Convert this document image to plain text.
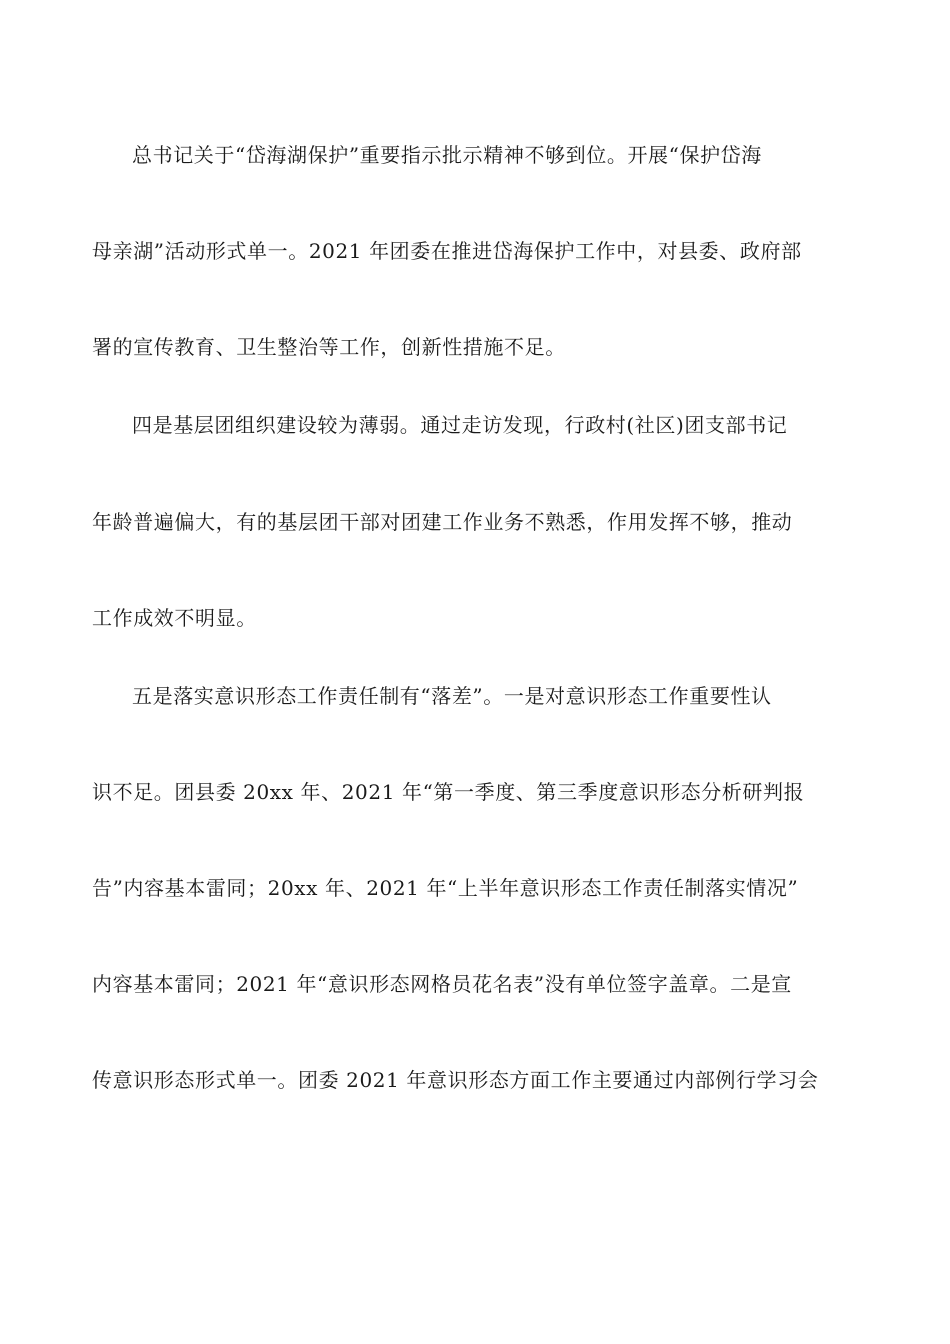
总书记关于“岱海湖保护”重要指示批示精神不够到位。开展“保护岱海
母亲湖”活动形式单一。2021 年团委在推进岱海保护工作中，对县委、政府部
署的宣传教育、卫生整治等工作，创新性措施不足。
四是基层团组织建设较为薄弱。通过走访发现，行政村(社区)团支部书记
年龄普遍偏大，有的基层团干部对团建工作业务不熟悉，作用发挥不够，推动
工作成效不明显。
五是落实意识形态工作责任制有“落差”。一是对意识形态工作重要性认
识不足。团县委 20xx 年、2021 年“第一季度、第三季度意识形态分析研判报
告”内容基本雷同；20xx 年、2021 年“上半年意识形态工作责任制落实情况”
内容基本雷同；2021 年“意识形态网格员花名表”没有单位签字盖章。二是宣
传意识形态形式单一。团委 2021 年意识形态方面工作主要通过内部例行学习会
